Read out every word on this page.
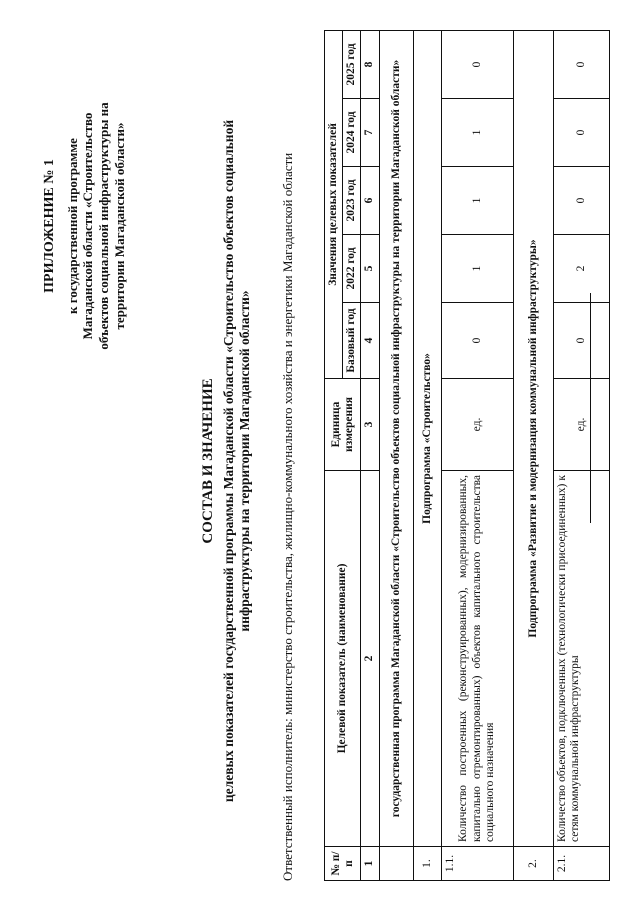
ПРИЛОЖЕНИЕ № 1 к государственной программе Магаданской области «Строительство объектов социальной инфраструктуры на территории Магаданской области»
СОСТАВ И ЗНАЧЕНИЕ целевых показателей государственной программы Магаданской области «Строительство объектов социальной инфраструктуры на территории Магаданской области» Ответственный исполнитель: министерство строительства, жилищно-коммунального хозяйства и энергетики Магаданской области	№ п/п	Целевой показатель (наименование)	Единица измерения	Значения целевых показателей				
			Базовый год	2022 год	2023 год	2024 год	2025 год
1	2	3	4	5	6	7	8
	государственная программа Магаданской области «Строительство объектов социальной инфраструктуры на территории Магаданской области»						
1.	Подпрограмма «Строительство»						
1.1.	Количество построенных (реконструированных), модернизированных, капитально отремонтированных) объектов капитального строительства социального назначения	ед.	0	1	1	1	0
2.	Подпрограмма «Развитие и модернизация коммунальной инфраструктуры»						
2.1.	Количество объектов, подключенных (технологически присоединенных) к сетям коммунальной инфраструктуры	ед.	0	2	0	0	0
